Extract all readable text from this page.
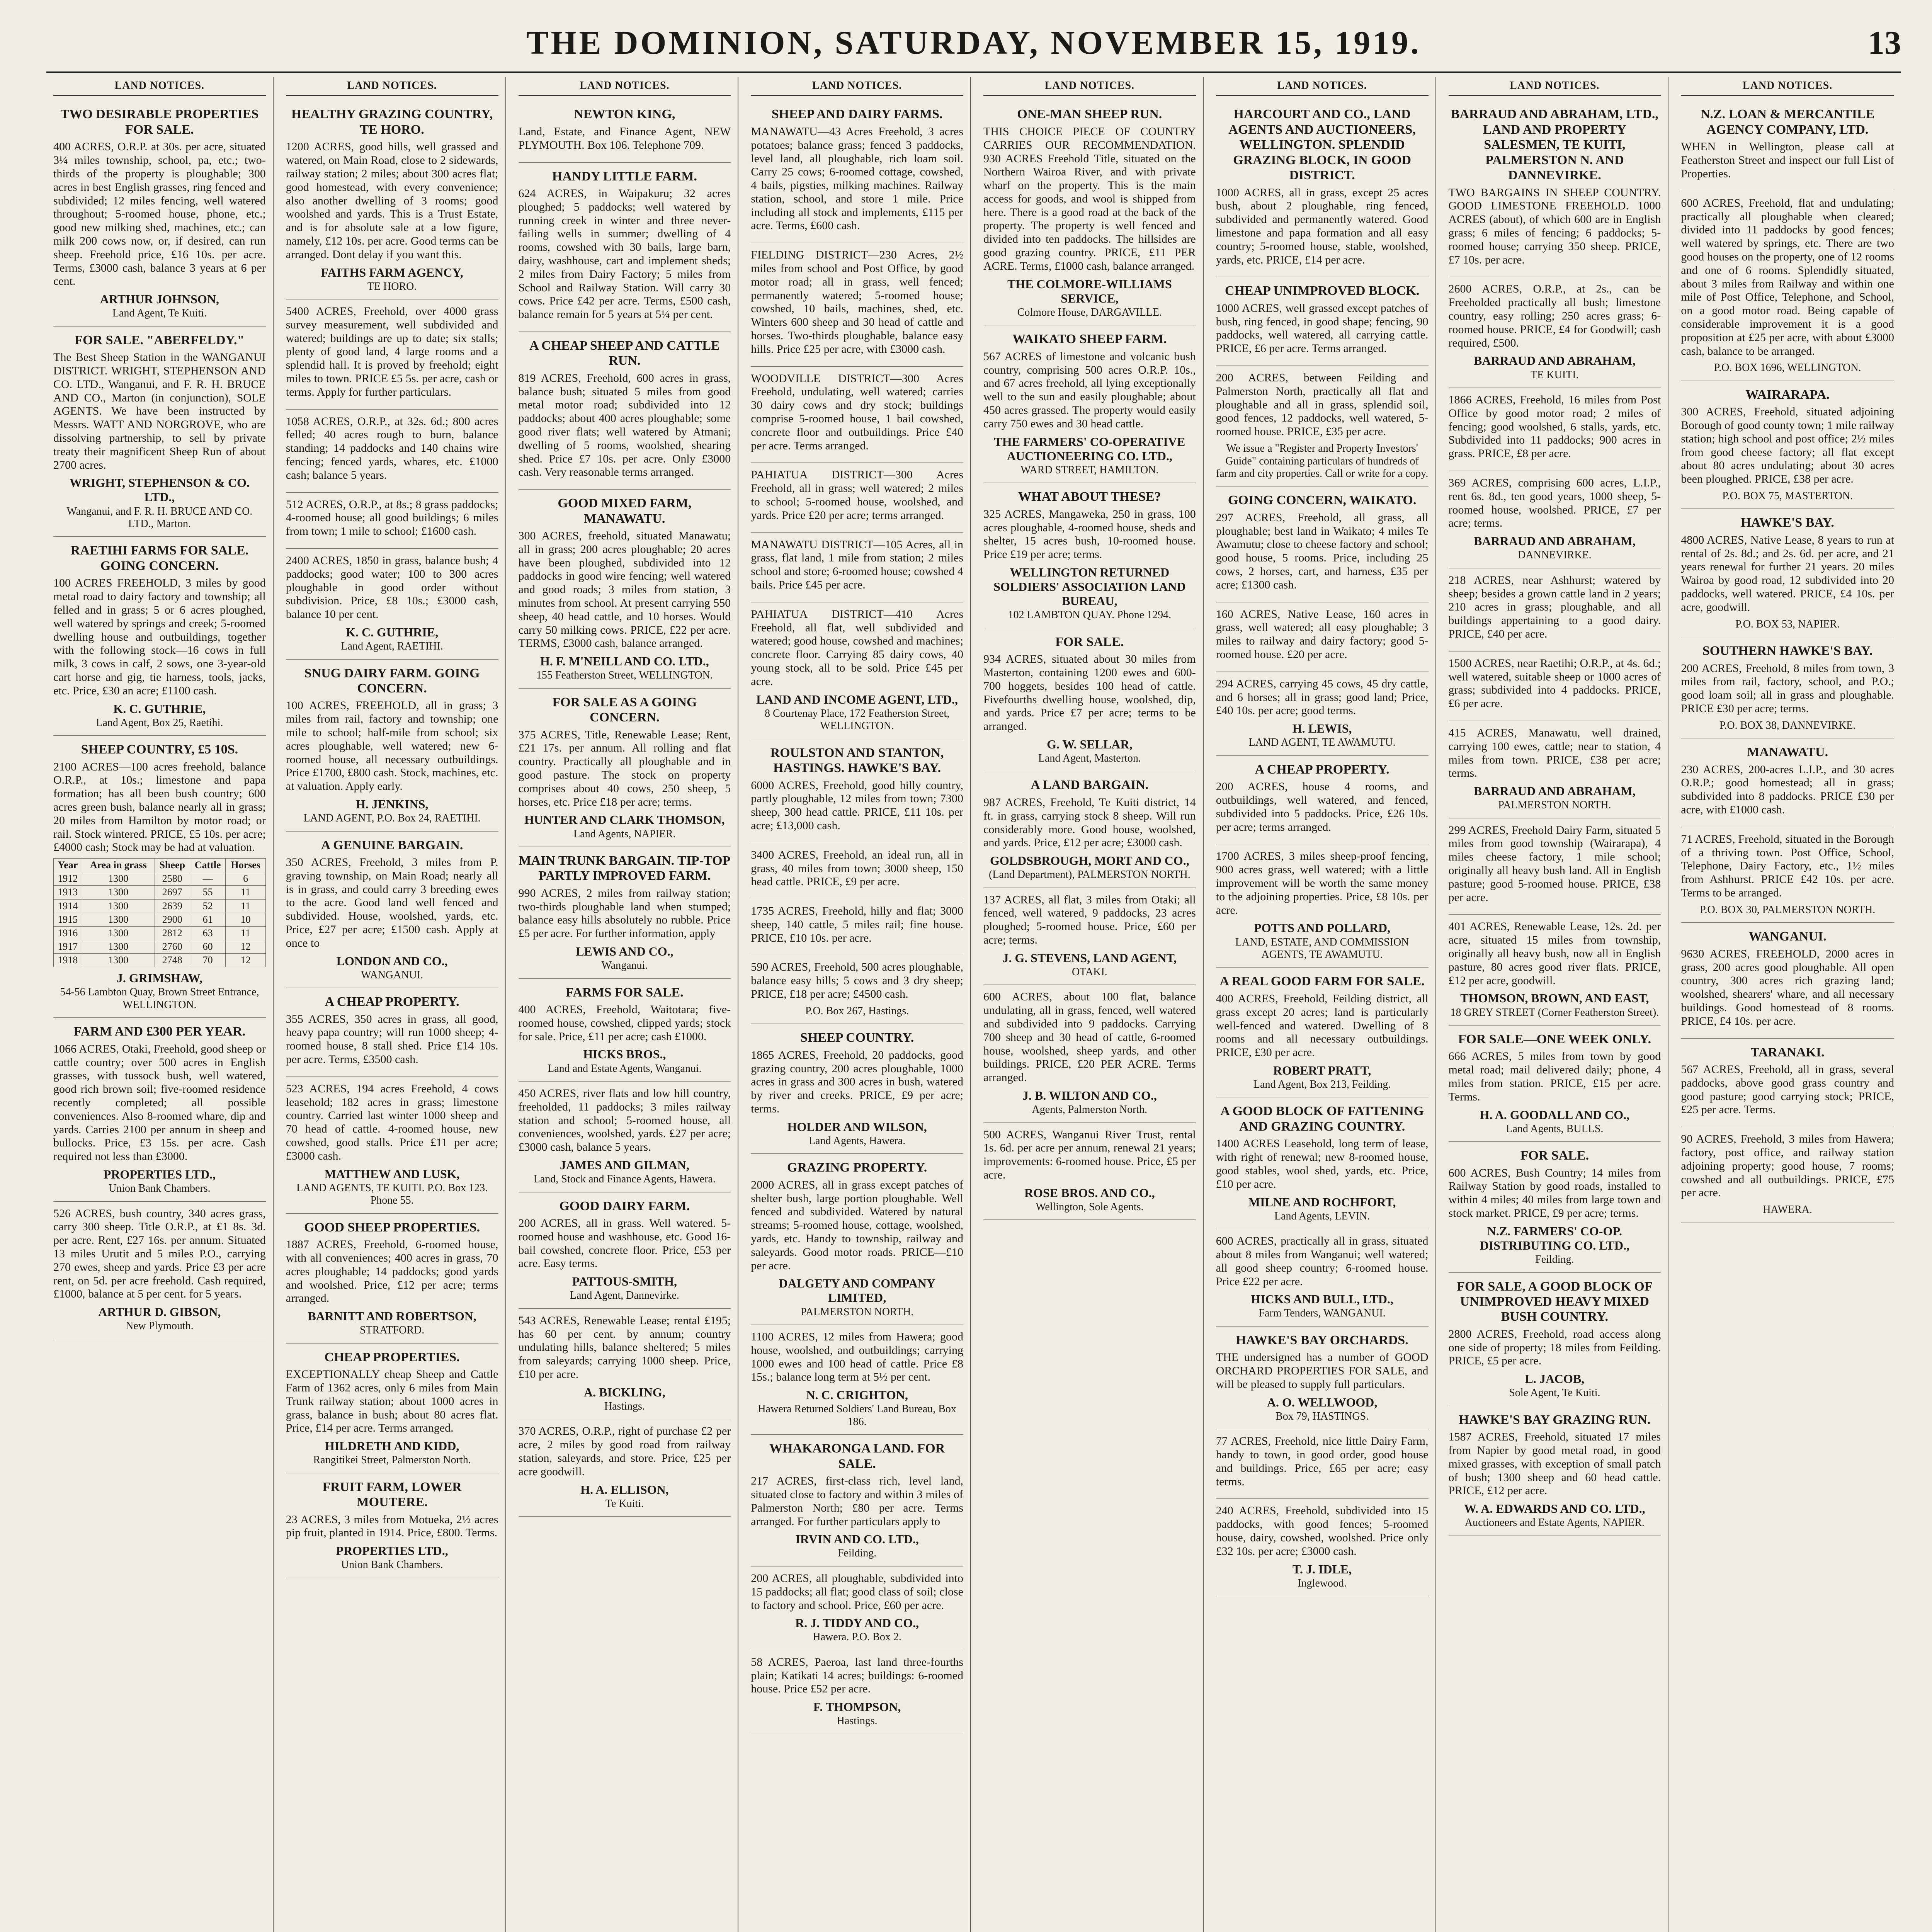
THE DOMINION, SATURDAY, NOVEMBER 15, 1919.	13
LAND NOTICES.
TWO DESIRABLE PROPERTIES FOR SALE.

400 ACRES, O.R.P. at 30s. per acre, situated 3¼ miles township, school, pa, etc.; two-thirds of the property is ploughable; 300 acres in best English grasses, ring fenced and subdivided; 12 miles fencing, well watered throughout; 5-roomed house, phone, etc.; good new milking shed, machines, etc.; can milk 200 cows now, or, if desired, can run sheep. Freehold price, £16 10s. per acre. Terms, £3000 cash, balance 3 years at 6 per cent.

ARTHUR JOHNSON,
Land Agent, Te Kuiti.
FOR SALE. "ABERFELDY."

The Best Sheep Station in the WANGANUI DISTRICT. WRIGHT, STEPHENSON AND CO. LTD., Wanganui, and F. R. H. BRUCE AND CO., Marton (in conjunction), SOLE AGENTS. We have been instructed by Messrs. WATT AND NORGROVE, who are dissolving partnership, to sell by private treaty their magnificent Sheep Run of about 2700 acres.

WRIGHT, STEPHENSON & CO. LTD.,
Wanganui, and F. R. H. BRUCE AND CO. LTD., Marton.
RAETIHI FARMS FOR SALE. GOING CONCERN.

100 ACRES FREEHOLD, 3 miles by good metal road to dairy factory and township; all felled and in grass; 5 or 6 acres ploughed, well watered by springs and creek; 5-roomed dwelling house and outbuildings, together with the following stock—16 cows in full milk, 3 cows in calf, 2 sows, one 3-year-old cart horse and gig, tie harness, tools, jacks, etc. Price, £30 an acre; £1100 cash.

K. C. GUTHRIE,
Land Agent, Box 25, Raetihi.
SHEEP COUNTRY, £5 10S.

2100 ACRES—100 acres freehold, balance O.R.P., at 10s.; limestone and papa formation; has all been bush country; 600 acres green bush, balance nearly all in grass; 20 miles from Hamilton by motor road; or rail. Stock wintered. PRICE, £5 10s. per acre; £4000 cash; Stock may be had at valuation.

Year	Area in grass	Sheep	Cattle	Horses
1912	1300	2580	—	6
1913	1300	2697	55	11
1914	1300	2639	52	11
1915	1300	2900	61	10
1916	1300	2812	63	11
1917	1300	2760	60	12
1918	1300	2748	70	12
J. GRIMSHAW,
54-56 Lambton Quay, Brown Street Entrance, WELLINGTON.
FARM AND £300 PER YEAR.

1066 ACRES, Otaki, Freehold, good sheep or cattle country; over 500 acres in English grasses, with tussock bush, well watered, good rich brown soil; five-roomed residence recently completed; all possible conveniences. Also 8-roomed whare, dip and yards. Carries 2100 per annum in sheep and bullocks. Price, £3 15s. per acre. Cash required not less than £3000.

PROPERTIES LTD.,
Union Bank Chambers.

526 ACRES, bush country, 340 acres grass, carry 300 sheep. Title O.R.P., at £1 8s. 3d. per acre. Rent, £27 16s. per annum. Situated 13 miles Urutit and 5 miles P.O., carrying 270 ewes, sheep and yards. Price £3 per acre rent, on 5d. per acre freehold. Cash required, £1000, balance at 5 per cent. for 5 years.

ARTHUR D. GIBSON,
New Plymouth.
LAND NOTICES.
HEALTHY GRAZING COUNTRY, TE HORO.

1200 ACRES, good hills, well grassed and watered, on Main Road, close to 2 sidewards, railway station; 2 miles; about 300 acres flat; good homestead, with every convenience; also another dwelling of 3 rooms; good woolshed and yards. This is a Trust Estate, and is for absolute sale at a low figure, namely, £12 10s. per acre. Good terms can be arranged. Dont delay if you want this.

FAITHS FARM AGENCY,
TE HORO.

5400 ACRES, Freehold, over 4000 grass survey measurement, well subdivided and watered; buildings are up to date; six stalls; plenty of good land, 4 large rooms and a splendid hall. It is proved by freehold; eight miles to town. PRICE £5 5s. per acre, cash or terms. Apply for further particulars.

1058 ACRES, O.R.P., at 32s. 6d.; 800 acres felled; 40 acres rough to burn, balance standing; 14 paddocks and 140 chains wire fencing; fenced yards, whares, etc. £1000 cash; balance 5 years.

512 ACRES, O.R.P., at 8s.; 8 grass paddocks; 4-roomed house; all good buildings; 6 miles from town; 1 mile to school; £1600 cash.

2400 ACRES, 1850 in grass, balance bush; 4 paddocks; good water; 100 to 300 acres ploughable in good order without subdivision. Price, £8 10s.; £3000 cash, balance 10 per cent.

K. C. GUTHRIE,
Land Agent, RAETIHI.
SNUG DAIRY FARM. GOING CONCERN.

100 ACRES, FREEHOLD, all in grass; 3 miles from rail, factory and township; one mile to school; half-mile from school; six acres ploughable, well watered; new 6-roomed house, all necessary outbuildings. Price £1700, £800 cash. Stock, machines, etc. at valuation. Apply early.

H. JENKINS,
LAND AGENT, P.O. Box 24, RAETIHI.
A GENUINE BARGAIN.

350 ACRES, Freehold, 3 miles from P. graving township, on Main Road; nearly all is in grass, and could carry 3 breeding ewes to the acre. Good land well fenced and subdivided. House, woolshed, yards, etc. Price, £27 per acre; £1500 cash. Apply at once to

LONDON AND CO.,
WANGANUI.
A CHEAP PROPERTY.

355 ACRES, 350 acres in grass, all good, heavy papa country; will run 1000 sheep; 4-roomed house, 8 stall shed. Price £14 10s. per acre. Terms, £3500 cash.

523 ACRES, 194 acres Freehold, 4 cows leasehold; 182 acres in grass; limestone country. Carried last winter 1000 sheep and 70 head of cattle. 4-roomed house, new cowshed, good stalls. Price £11 per acre; £3000 cash.

MATTHEW AND LUSK,
LAND AGENTS, TE KUITI. P.O. Box 123. Phone 55.
GOOD SHEEP PROPERTIES.

1887 ACRES, Freehold, 6-roomed house, with all conveniences; 400 acres in grass, 70 acres ploughable; 14 paddocks; good yards and woolshed. Price, £12 per acre; terms arranged.

BARNITT AND ROBERTSON,
STRATFORD.
CHEAP PROPERTIES.

EXCEPTIONALLY cheap Sheep and Cattle Farm of 1362 acres, only 6 miles from Main Trunk railway station; about 1000 acres in grass, balance in bush; about 80 acres flat. Price, £14 per acre. Terms arranged.

HILDRETH AND KIDD,
Rangitikei Street, Palmerston North.
FRUIT FARM, LOWER MOUTERE.

23 ACRES, 3 miles from Motueka, 2½ acres pip fruit, planted in 1914. Price, £800. Terms.

PROPERTIES LTD.,
Union Bank Chambers.
LAND NOTICES.
NEWTON KING,

Land, Estate, and Finance Agent, NEW PLYMOUTH. Box 106. Telephone 709.

HANDY LITTLE FARM.

624 ACRES, in Waipakuru; 32 acres ploughed; 5 paddocks; well watered by running creek in winter and three never-failing wells in summer; dwelling of 4 rooms, cowshed with 30 bails, large barn, dairy, washhouse, cart and implement sheds; 2 miles from Dairy Factory; 5 miles from School and Railway Station. Will carry 30 cows. Price £42 per acre. Terms, £500 cash, balance remain for 5 years at 5¼ per cent.

A CHEAP SHEEP AND CATTLE RUN.

819 ACRES, Freehold, 600 acres in grass, balance bush; situated 5 miles from good metal motor road; subdivided into 12 paddocks; about 400 acres ploughable; some good river flats; well watered by Atmani; dwelling of 5 rooms, woolshed, shearing shed. Price £7 10s. per acre. Only £3000 cash. Very reasonable terms arranged.

GOOD MIXED FARM, MANAWATU.

300 ACRES, freehold, situated Manawatu; all in grass; 200 acres ploughable; 20 acres have been ploughed, subdivided into 12 paddocks in good wire fencing; well watered and good roads; 3 miles from station, 3 minutes from school. At present carrying 550 sheep, 40 head cattle, and 10 horses. Would carry 50 milking cows. PRICE, £22 per acre. TERMS, £3000 cash, balance arranged.

H. F. M'NEILL AND CO. LTD.,
155 Featherston Street, WELLINGTON.
FOR SALE AS A GOING CONCERN.

375 ACRES, Title, Renewable Lease; Rent, £21 17s. per annum. All rolling and flat country. Practically all ploughable and in good pasture. The stock on property comprises about 40 cows, 250 sheep, 5 horses, etc. Price £18 per acre; terms.

HUNTER AND CLARK THOMSON,
Land Agents, NAPIER.
MAIN TRUNK BARGAIN. TIP-TOP PARTLY IMPROVED FARM.

990 ACRES, 2 miles from railway station; two-thirds ploughable land when stumped; balance easy hills absolutely no rubble. Price £5 per acre. For further information, apply

LEWIS AND CO.,
Wanganui.
FARMS FOR SALE.

400 ACRES, Freehold, Waitotara; five-roomed house, cowshed, clipped yards; stock for sale. Price, £11 per acre; cash £1000.

HICKS BROS.,
Land and Estate Agents, Wanganui.

450 ACRES, river flats and low hill country, freeholded, 11 paddocks; 3 miles railway station and school; 5-roomed house, all conveniences, woolshed, yards. £27 per acre; £3000 cash, balance 5 years.

JAMES AND GILMAN,
Land, Stock and Finance Agents, Hawera.
GOOD DAIRY FARM.

200 ACRES, all in grass. Well watered. 5-roomed house and washhouse, etc. Good 16-bail cowshed, concrete floor. Price, £53 per acre. Easy terms.

PATTOUS-SMITH,
Land Agent, Dannevirke.

543 ACRES, Renewable Lease; rental £195; has 60 per cent. by annum; country undulating hills, balance sheltered; 5 miles from saleyards; carrying 1000 sheep. Price, £10 per acre.

A. BICKLING,
Hastings.

370 ACRES, O.R.P., right of purchase £2 per acre, 2 miles by good road from railway station, saleyards, and store. Price, £25 per acre goodwill.

H. A. ELLISON,
Te Kuiti.
LAND NOTICES.
SHEEP AND DAIRY FARMS.

MANAWATU—43 Acres Freehold, 3 acres potatoes; balance grass; fenced 3 paddocks, level land, all ploughable, rich loam soil. Carry 25 cows; 6-roomed cottage, cowshed, 4 bails, pigsties, milking machines. Railway station, school, and store 1 mile. Price including all stock and implements, £115 per acre. Terms, £600 cash.

FIELDING DISTRICT—230 Acres, 2½ miles from school and Post Office, by good motor road; all in grass, well fenced; permanently watered; 5-roomed house; cowshed, 10 bails, machines, shed, etc. Winters 600 sheep and 30 head of cattle and horses. Two-thirds ploughable, balance easy hills. Price £25 per acre, with £3000 cash.

WOODVILLE DISTRICT—300 Acres Freehold, undulating, well watered; carries 30 dairy cows and dry stock; buildings comprise 5-roomed house, 1 bail cowshed, concrete floor and outbuildings. Price £40 per acre. Terms arranged.

PAHIATUA DISTRICT—300 Acres Freehold, all in grass; well watered; 2 miles to school; 5-roomed house, woolshed, and yards. Price £20 per acre; terms arranged.

MANAWATU DISTRICT—105 Acres, all in grass, flat land, 1 mile from station; 2 miles school and store; 6-roomed house; cowshed 4 bails. Price £45 per acre.

PAHIATUA DISTRICT—410 Acres Freehold, all flat, well subdivided and watered; good house, cowshed and machines; concrete floor. Carrying 85 dairy cows, 40 young stock, all to be sold. Price £45 per acre.

LAND AND INCOME AGENT, LTD.,
8 Courtenay Place, 172 Featherston Street, WELLINGTON.
ROULSTON AND STANTON, HASTINGS. HAWKE'S BAY.

6000 ACRES, Freehold, good hilly country, partly ploughable, 12 miles from town; 7300 sheep, 300 head cattle. PRICE, £11 10s. per acre; £13,000 cash.

3400 ACRES, Freehold, an ideal run, all in grass, 40 miles from town; 3000 sheep, 150 head cattle. PRICE, £9 per acre.

1735 ACRES, Freehold, hilly and flat; 3000 sheep, 140 cattle, 5 miles rail; fine house. PRICE, £10 10s. per acre.

590 ACRES, Freehold, 500 acres ploughable, balance easy hills; 5 cows and 3 dry sheep; PRICE, £18 per acre; £4500 cash.

P.O. Box 267, Hastings.
SHEEP COUNTRY.

1865 ACRES, Freehold, 20 paddocks, good grazing country, 200 acres ploughable, 1000 acres in grass and 300 acres in bush, watered by river and creeks. PRICE, £9 per acre; terms.

HOLDER AND WILSON,
Land Agents, Hawera.
GRAZING PROPERTY.

2000 ACRES, all in grass except patches of shelter bush, large portion ploughable. Well fenced and subdivided. Watered by natural streams; 5-roomed house, cottage, woolshed, yards, etc. Handy to township, railway and saleyards. Good motor roads. PRICE—£10 per acre.

DALGETY AND COMPANY LIMITED,
PALMERSTON NORTH.

1100 ACRES, 12 miles from Hawera; good house, woolshed, and outbuildings; carrying 1000 ewes and 100 head of cattle. Price £8 15s.; balance long term at 5½ per cent.

N. C. CRIGHTON,
Hawera Returned Soldiers' Land Bureau, Box 186.
WHAKARONGA LAND. FOR SALE.

217 ACRES, first-class rich, level land, situated close to factory and within 3 miles of Palmerston North; £80 per acre. Terms arranged. For further particulars apply to

IRVIN AND CO. LTD.,
Feilding.

200 ACRES, all ploughable, subdivided into 15 paddocks; all flat; good class of soil; close to factory and school. Price, £60 per acre.

R. J. TIDDY AND CO.,
Hawera. P.O. Box 2.

58 ACRES, Paeroa, last land three-fourths plain; Katikati 14 acres; buildings: 6-roomed house. Price £52 per acre.

F. THOMPSON,
Hastings.
LAND NOTICES.
ONE-MAN SHEEP RUN.

THIS CHOICE PIECE OF COUNTRY CARRIES OUR RECOMMENDATION. 930 ACRES Freehold Title, situated on the Northern Wairoa River, and with private wharf on the property. This is the main access for goods, and wool is shipped from here. There is a good road at the back of the property. The property is well fenced and divided into ten paddocks. The hillsides are good grazing country. PRICE, £11 PER ACRE. Terms, £1000 cash, balance arranged.

THE COLMORE-WILLIAMS SERVICE,
Colmore House, DARGAVILLE.
WAIKATO SHEEP FARM.

567 ACRES of limestone and volcanic bush country, comprising 500 acres O.R.P. 10s., and 67 acres freehold, all lying exceptionally well to the sun and easily ploughable; about 450 acres grassed. The property would easily carry 750 ewes and 30 head cattle.

THE FARMERS' CO-OPERATIVE AUCTIONEERING CO. LTD.,
WARD STREET, HAMILTON.
WHAT ABOUT THESE?

325 ACRES, Mangaweka, 250 in grass, 100 acres ploughable, 4-roomed house, sheds and shelter, 15 acres bush, 10-roomed house. Price £19 per acre; terms.

WELLINGTON RETURNED SOLDIERS' ASSOCIATION LAND BUREAU,
102 LAMBTON QUAY. Phone 1294.
FOR SALE.

934 ACRES, situated about 30 miles from Masterton, containing 1200 ewes and 600-700 hoggets, besides 100 head of cattle. Fivefourths dwelling house, woolshed, dip, and yards. Price £7 per acre; terms to be arranged.

G. W. SELLAR,
Land Agent, Masterton.
A LAND BARGAIN.

987 ACRES, Freehold, Te Kuiti district, 14 ft. in grass, carrying stock 8 sheep. Will run considerably more. Good house, woolshed, and yards. Price, £12 per acre; £3000 cash.

GOLDSBROUGH, MORT AND CO.,
(Land Department), PALMERSTON NORTH.

137 ACRES, all flat, 3 miles from Otaki; all fenced, well watered, 9 paddocks, 23 acres ploughed; 5-roomed house. Price, £60 per acre; terms.

J. G. STEVENS, LAND AGENT,
OTAKI.

600 ACRES, about 100 flat, balance undulating, all in grass, fenced, well watered and subdivided into 9 paddocks. Carrying 700 sheep and 30 head of cattle, 6-roomed house, woolshed, sheep yards, and other buildings. PRICE, £20 PER ACRE. Terms arranged.

J. B. WILTON AND CO.,
Agents, Palmerston North.

500 ACRES, Wanganui River Trust, rental 1s. 6d. per acre per annum, renewal 21 years; improvements: 6-roomed house. Price, £5 per acre.

ROSE BROS. AND CO.,
Wellington, Sole Agents.
LAND NOTICES.
HARCOURT AND CO., LAND AGENTS AND AUCTIONEERS, WELLINGTON. SPLENDID GRAZING BLOCK, IN GOOD DISTRICT.

1000 ACRES, all in grass, except 25 acres bush, about 2 ploughable, ring fenced, subdivided and permanently watered. Good limestone and papa formation and all easy country; 5-roomed house, stable, woolshed, yards, etc. PRICE, £14 per acre.

CHEAP UNIMPROVED BLOCK.

1000 ACRES, well grassed except patches of bush, ring fenced, in good shape; fencing, 90 paddocks, well watered, all carrying cattle. PRICE, £6 per acre. Terms arranged.

200 ACRES, between Feilding and Palmerston North, practically all flat and ploughable and all in grass, splendid soil, good fences, 12 paddocks, well watered, 5-roomed house. PRICE, £35 per acre.

We issue a "Register and Property Investors' Guide" containing particulars of hundreds of farm and city properties. Call or write for a copy.
GOING CONCERN, WAIKATO.

297 ACRES, Freehold, all grass, all ploughable; best land in Waikato; 4 miles Te Awamutu; close to cheese factory and school; good house, 5 rooms. Price, including 25 cows, 2 horses, cart, and harness, £35 per acre; £1300 cash.

160 ACRES, Native Lease, 160 acres in grass, well watered; all easy ploughable; 3 miles to railway and dairy factory; good 5-roomed house. £20 per acre.

294 ACRES, carrying 45 cows, 45 dry cattle, and 6 horses; all in grass; good land; Price, £40 10s. per acre; good terms.

H. LEWIS,
LAND AGENT, TE AWAMUTU.
A CHEAP PROPERTY.

200 ACRES, house 4 rooms, and outbuildings, well watered, and fenced, subdivided into 5 paddocks. Price, £26 10s. per acre; terms arranged.

1700 ACRES, 3 miles sheep-proof fencing, 900 acres grass, well watered; with a little improvement will be worth the same money to the adjoining properties. Price, £8 10s. per acre.

POTTS AND POLLARD,
LAND, ESTATE, AND COMMISSION AGENTS, TE AWAMUTU.
A REAL GOOD FARM FOR SALE.

400 ACRES, Freehold, Feilding district, all grass except 20 acres; land is particularly well-fenced and watered. Dwelling of 8 rooms and all necessary outbuildings. PRICE, £30 per acre.

ROBERT PRATT,
Land Agent, Box 213, Feilding.
A GOOD BLOCK OF FATTENING AND GRAZING COUNTRY.

1400 ACRES Leasehold, long term of lease, with right of renewal; new 8-roomed house, good stables, wool shed, yards, etc. Price, £10 per acre.

MILNE AND ROCHFORT,
Land Agents, LEVIN.

600 ACRES, practically all in grass, situated about 8 miles from Wanganui; well watered; all good sheep country; 6-roomed house. Price £22 per acre.

HICKS AND BULL, LTD.,
Farm Tenders, WANGANUI.
HAWKE'S BAY ORCHARDS.

THE undersigned has a number of GOOD ORCHARD PROPERTIES FOR SALE, and will be pleased to supply full particulars.

A. O. WELLWOOD,
Box 79, HASTINGS.

77 ACRES, Freehold, nice little Dairy Farm, handy to town, in good order, good house and buildings. Price, £65 per acre; easy terms.

240 ACRES, Freehold, subdivided into 15 paddocks, with good fences; 5-roomed house, dairy, cowshed, woolshed. Price only £32 10s. per acre; £3000 cash.

T. J. IDLE,
Inglewood.
LAND NOTICES.
BARRAUD AND ABRAHAM, LTD., LAND AND PROPERTY SALESMEN, TE KUITI, PALMERSTON N. AND DANNEVIRKE.

TWO BARGAINS IN SHEEP COUNTRY. GOOD LIMESTONE FREEHOLD. 1000 ACRES (about), of which 600 are in English grass; 6 miles of fencing; 6 paddocks; 5-roomed house; carrying 350 sheep. PRICE, £7 10s. per acre.

2600 ACRES, O.R.P., at 2s., can be Freeholded practically all bush; limestone country, easy rolling; 250 acres grass; 6-roomed house. PRICE, £4 for Goodwill; cash required, £500.

BARRAUD AND ABRAHAM,
TE KUITI.

1866 ACRES, Freehold, 16 miles from Post Office by good motor road; 2 miles of fencing; good woolshed, 6 stalls, yards, etc. Subdivided into 11 paddocks; 900 acres in grass. PRICE, £8 per acre.

369 ACRES, comprising 600 acres, L.I.P., rent 6s. 8d., ten good years, 1000 sheep, 5-roomed house, woolshed. PRICE, £7 per acre; terms.

BARRAUD AND ABRAHAM,
DANNEVIRKE.

218 ACRES, near Ashhurst; watered by sheep; besides a grown cattle land in 2 years; 210 acres in grass; ploughable, and all buildings appertaining to a good dairy. PRICE, £40 per acre.

1500 ACRES, near Raetihi; O.R.P., at 4s. 6d.; well watered, suitable sheep or 1000 acres of grass; subdivided into 4 paddocks. PRICE, £6 per acre.

415 ACRES, Manawatu, well drained, carrying 100 ewes, cattle; near to station, 4 miles from town. PRICE, £38 per acre; terms.

BARRAUD AND ABRAHAM,
PALMERSTON NORTH.

299 ACRES, Freehold Dairy Farm, situated 5 miles from good township (Wairarapa), 4 miles cheese factory, 1 mile school; originally all heavy bush land. All in English pasture; good 5-roomed house. PRICE, £38 per acre.

401 ACRES, Renewable Lease, 12s. 2d. per acre, situated 15 miles from township, originally all heavy bush, now all in English pasture, 80 acres good river flats. PRICE, £12 per acre, goodwill.

THOMSON, BROWN, AND EAST,
18 GREY STREET (Corner Featherston Street).
FOR SALE—ONE WEEK ONLY.

666 ACRES, 5 miles from town by good metal road; mail delivered daily; phone, 4 miles from station. PRICE, £15 per acre. Terms.

H. A. GOODALL AND CO.,
Land Agents, BULLS.
FOR SALE.

600 ACRES, Bush Country; 14 miles from Railway Station by good roads, installed to within 4 miles; 40 miles from large town and stock market. PRICE, £9 per acre; terms.

N.Z. FARMERS' CO-OP. DISTRIBUTING CO. LTD.,
Feilding.
FOR SALE, A GOOD BLOCK OF UNIMPROVED HEAVY MIXED BUSH COUNTRY.

2800 ACRES, Freehold, road access along one side of property; 18 miles from Feilding. PRICE, £5 per acre.

L. JACOB,
Sole Agent, Te Kuiti.
HAWKE'S BAY GRAZING RUN.

1587 ACRES, Freehold, situated 17 miles from Napier by good metal road, in good mixed grasses, with exception of small patch of bush; 1300 sheep and 60 head cattle. PRICE, £12 per acre.

W. A. EDWARDS AND CO. LTD.,
Auctioneers and Estate Agents, NAPIER.
LAND NOTICES.
N.Z. LOAN & MERCANTILE AGENCY COMPANY, LTD.

WHEN in Wellington, please call at Featherston Street and inspect our full List of Properties.

600 ACRES, Freehold, flat and undulating; practically all ploughable when cleared; divided into 11 paddocks by good fences; well watered by springs, etc. There are two good houses on the property, one of 12 rooms and one of 6 rooms. Splendidly situated, about 3 miles from Railway and within one mile of Post Office, Telephone, and School, on a good motor road. Being capable of considerable improvement it is a good proposition at £25 per acre, with about £3000 cash, balance to be arranged.

P.O. BOX 1696, WELLINGTON.
WAIRARAPA.

300 ACRES, Freehold, situated adjoining Borough of good county town; 1 mile railway station; high school and post office; 2½ miles from good cheese factory; all flat except about 80 acres undulating; about 30 acres been ploughed. PRICE, £38 per acre.

P.O. BOX 75, MASTERTON.
HAWKE'S BAY.

4800 ACRES, Native Lease, 8 years to run at rental of 2s. 8d.; and 2s. 6d. per acre, and 21 years renewal for further 21 years. 20 miles Wairoa by good road, 12 subdivided into 20 paddocks, well watered. PRICE, £4 10s. per acre, goodwill.

P.O. BOX 53, NAPIER.
SOUTHERN HAWKE'S BAY.

200 ACRES, Freehold, 8 miles from town, 3 miles from rail, factory, school, and P.O.; good loam soil; all in grass and ploughable. PRICE £30 per acre; terms.

P.O. BOX 38, DANNEVIRKE.
MANAWATU.

230 ACRES, 200-acres L.I.P., and 30 acres O.R.P.; good homestead; all in grass; subdivided into 8 paddocks. PRICE £30 per acre, with £1000 cash.

71 ACRES, Freehold, situated in the Borough of a thriving town. Post Office, School, Telephone, Dairy Factory, etc., 1½ miles from Ashhurst. PRICE £42 10s. per acre. Terms to be arranged.

P.O. BOX 30, PALMERSTON NORTH.
WANGANUI.

9630 ACRES, FREEHOLD, 2000 acres in grass, 200 acres good ploughable. All open country, 300 acres rich grazing land; woolshed, shearers' whare, and all necessary buildings. Good homestead of 8 rooms. PRICE, £4 10s. per acre.

TARANAKI.

567 ACRES, Freehold, all in grass, several paddocks, above good grass country and good pasture; good carrying stock; PRICE, £25 per acre. Terms.

90 ACRES, Freehold, 3 miles from Hawera; factory, post office, and railway station adjoining property; good house, 7 rooms; cowshed and all outbuildings. PRICE, £75 per acre.

HAWERA.
